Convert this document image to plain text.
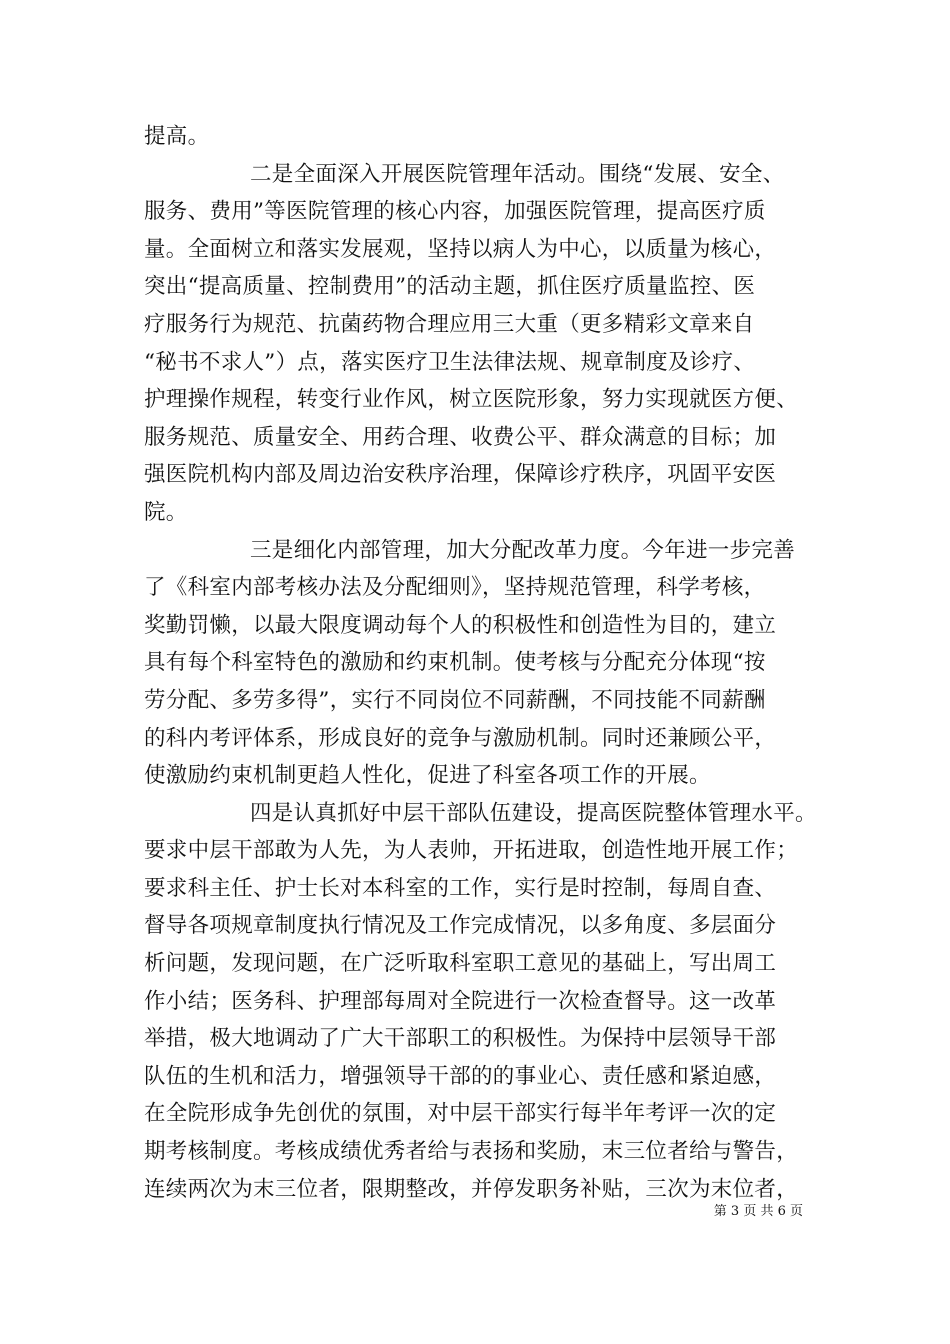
提高。
二是全面深入开展医院管理年活动。围绕“发展、安全、
服务、费用”等医院管理的核心内容，加强医院管理，提高医疗质
量。全面树立和落实发展观，坚持以病人为中心，以质量为核心，
突出“提高质量、控制费用”的活动主题，抓住医疗质量监控、医
疗服务行为规范、抗菌药物合理应用三大重（更多精彩文章来自
“秘书不求人”）点，落实医疗卫生法律法规、规章制度及诊疗、
护理操作规程，转变行业作风，树立医院形象，努力实现就医方便、
服务规范、质量安全、用药合理、收费公平、群众满意的目标；加
强医院机构内部及周边治安秩序治理，保障诊疗秩序，巩固平安医
院。
三是细化内部管理，加大分配改革力度。今年进一步完善
了《科室内部考核办法及分配细则》，坚持规范管理，科学考核，
奖勤罚懒，以最大限度调动每个人的积极性和创造性为目的，建立
具有每个科室特色的激励和约束机制。使考核与分配充分体现“按
劳分配、多劳多得”，实行不同岗位不同薪酬，不同技能不同薪酬
的科内考评体系，形成良好的竞争与激励机制。同时还兼顾公平，
使激励约束机制更趋人性化，促进了科室各项工作的开展。
四是认真抓好中层干部队伍建设，提高医院整体管理水平。
要求中层干部敢为人先，为人表帅，开拓进取，创造性地开展工作；
要求科主任、护士长对本科室的工作，实行是时控制，每周自查、
督导各项规章制度执行情况及工作完成情况，以多角度、多层面分
析问题，发现问题，在广泛听取科室职工意见的基础上，写出周工
作小结；医务科、护理部每周对全院进行一次检查督导。这一改革
举措，极大地调动了广大干部职工的积极性。为保持中层领导干部
队伍的生机和活力，增强领导干部的的事业心、责任感和紧迫感，
在全院形成争先创优的氛围，对中层干部实行每半年考评一次的定
期考核制度。考核成绩优秀者给与表扬和奖励，末三位者给与警告，
连续两次为末三位者，限期整改，并停发职务补贴，三次为末位者，
第 3 页 共 6 页
